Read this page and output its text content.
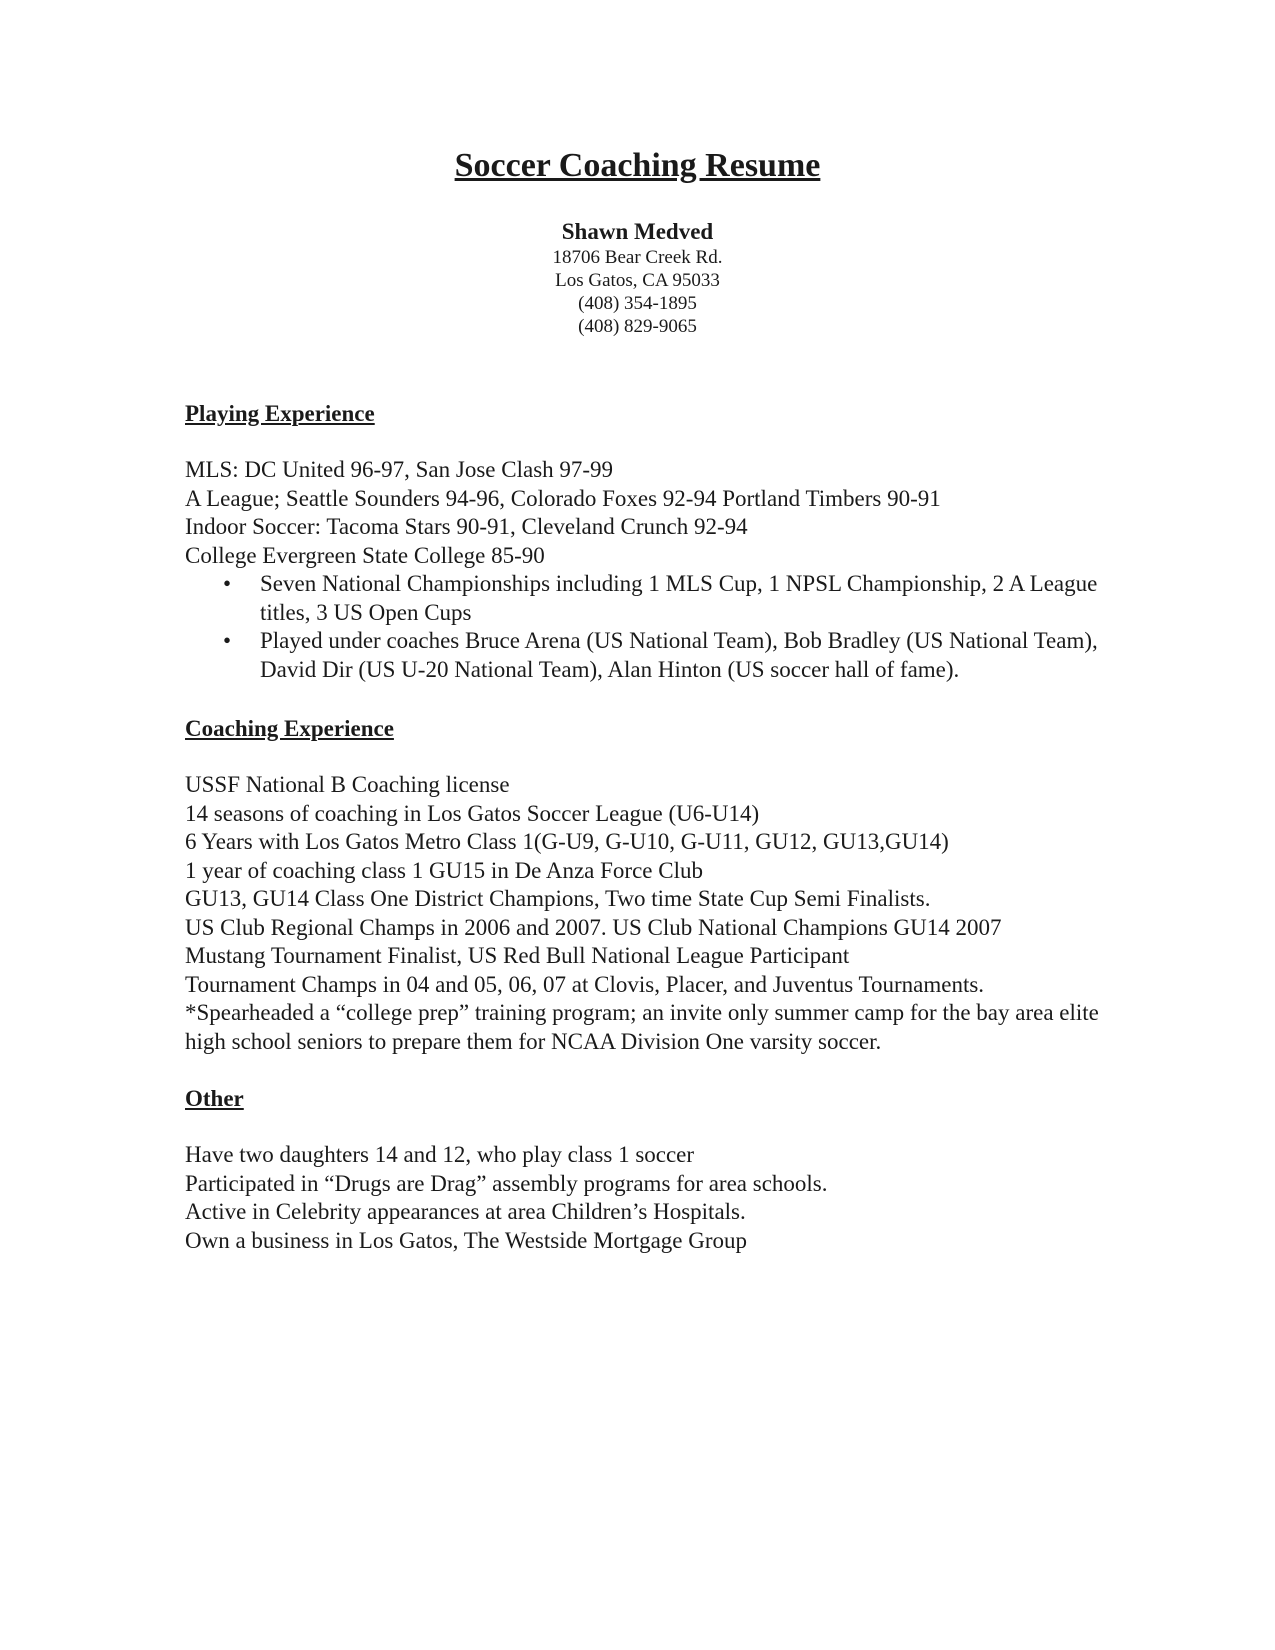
Soccer Coaching Resume
Shawn Medved
18706 Bear Creek Rd.
Los Gatos, CA 95033
(408) 354-1895
(408) 829-9065
Playing Experience
MLS: DC United 96-97, San Jose Clash 97-99
A League; Seattle Sounders 94-96, Colorado Foxes 92-94 Portland Timbers 90-91
Indoor Soccer: Tacoma Stars 90-91, Cleveland Crunch 92-94
College Evergreen State College 85-90
• Seven National Championships including 1 MLS Cup, 1 NPSL Championship, 2 A League titles, 3 US Open Cups
• Played under coaches Bruce Arena (US National Team), Bob Bradley (US National Team), David Dir (US U-20 National Team), Alan Hinton (US soccer hall of fame).
Coaching Experience
USSF National B Coaching license
14 seasons of coaching in Los Gatos Soccer League (U6-U14)
6 Years with Los Gatos Metro Class 1(G-U9, G-U10, G-U11, GU12, GU13,GU14)
1 year of coaching class 1 GU15 in De Anza Force Club
GU13, GU14 Class One District Champions, Two time State Cup Semi Finalists.
US Club Regional Champs in 2006 and 2007. US Club National Champions GU14 2007
Mustang Tournament Finalist, US Red Bull National League Participant
Tournament Champs in 04 and 05, 06, 07 at Clovis, Placer, and Juventus Tournaments.
*Spearheaded a “college prep” training program; an invite only summer camp for the bay area elite high school seniors to prepare them for NCAA Division One varsity soccer.
Other
Have two daughters 14 and 12, who play class 1 soccer
Participated in “Drugs are Drag” assembly programs for area schools.
Active in Celebrity appearances at area Children’s Hospitals.
Own a business in Los Gatos, The Westside Mortgage Group
